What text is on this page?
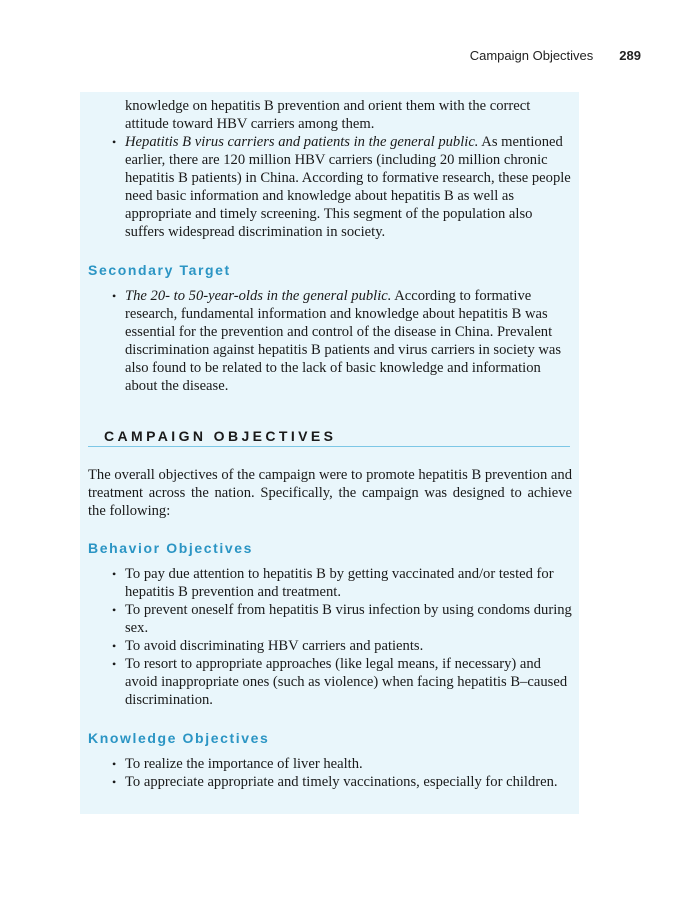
Campaign Objectives 289
knowledge on hepatitis B prevention and orient them with the correct attitude toward HBV carriers among them.
• Hepatitis B virus carriers and patients in the general public. As mentioned earlier, there are 120 million HBV carriers (including 20 million chronic hepatitis B patients) in China. According to formative research, these people need basic information and knowledge about hepatitis B as well as appropriate and timely screening. This segment of the population also suffers widespread discrimination in society.
Secondary Target
• The 20- to 50-year-olds in the general public. According to formative research, fundamental information and knowledge about hepatitis B was essential for the prevention and control of the disease in China. Prevalent discrimination against hepatitis B patients and virus carriers in society was also found to be related to the lack of basic knowledge and information about the disease.
CAMPAIGN OBJECTIVES
The overall objectives of the campaign were to promote hepatitis B prevention and treatment across the nation. Specifically, the campaign was designed to achieve the following:
Behavior Objectives
• To pay due attention to hepatitis B by getting vaccinated and/or tested for hepatitis B prevention and treatment.
• To prevent oneself from hepatitis B virus infection by using condoms during sex.
• To avoid discriminating HBV carriers and patients.
• To resort to appropriate approaches (like legal means, if necessary) and avoid inappropriate ones (such as violence) when facing hepatitis B–caused discrimination.
Knowledge Objectives
• To realize the importance of liver health.
• To appreciate appropriate and timely vaccinations, especially for children.
